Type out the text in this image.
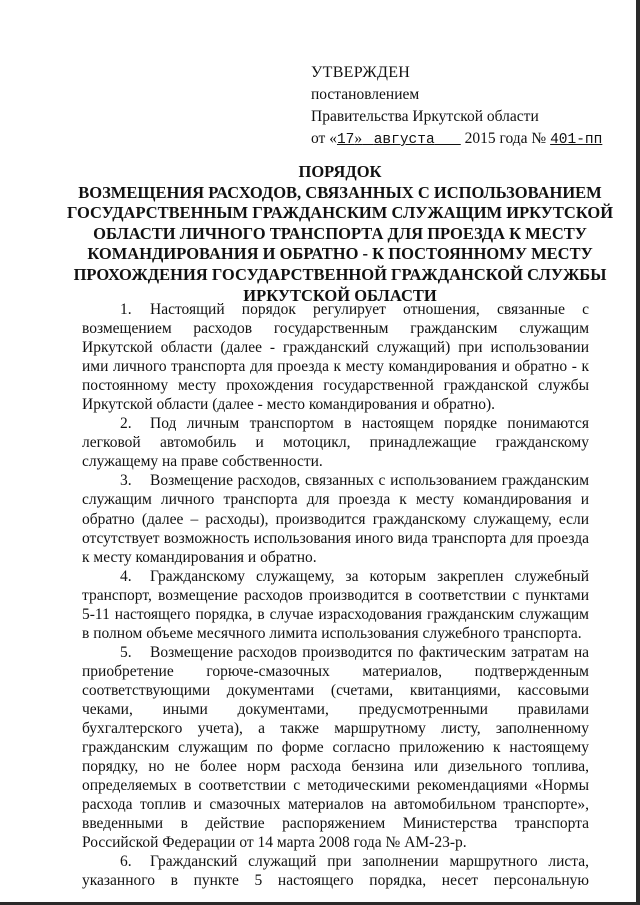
УТВЕРЖДЕН
постановлением
Правительства Иркутской области
от «17» августа 2015 года № 401-пп
ПОРЯДОК
ВОЗМЕЩЕНИЯ РАСХОДОВ, СВЯЗАННЫХ С ИСПОЛЬЗОВАНИЕМ
ГОСУДАРСТВЕННЫМ ГРАЖДАНСКИМ СЛУЖАЩИМ ИРКУТСКОЙ
ОБЛАСТИ ЛИЧНОГО ТРАНСПОРТА ДЛЯ ПРОЕЗДА К МЕСТУ
КОМАНДИРОВАНИЯ И ОБРАТНО - К ПОСТОЯННОМУ МЕСТУ
ПРОХОЖДЕНИЯ ГОСУДАРСТВЕННОЙ ГРАЖДАНСКОЙ СЛУЖБЫ
ИРКУТСКОЙ ОБЛАСТИ

1. Настоящий порядок регулирует отношения, связанные с возмещением расходов государственным гражданским служащим Иркутской области (далее - гражданский служащий) при использовании ими личного транспорта для проезда к месту командирования и обратно - к постоянному месту прохождения государственной гражданской службы Иркутской области (далее - место командирования и обратно).

2. Под личным транспортом в настоящем порядке понимаются легковой автомобиль и мотоцикл, принадлежащие гражданскому служащему на праве собственности.

3. Возмещение расходов, связанных с использованием гражданским служащим личного транспорта для проезда к месту командирования и обратно (далее – расходы), производится гражданскому служащему, если отсутствует возможность использования иного вида транспорта для проезда к месту командирования и обратно.

4. Гражданскому служащему, за которым закреплен служебный транспорт, возмещение расходов производится в соответствии с пунктами 5-11 настоящего порядка, в случае израсходования гражданским служащим в полном объеме месячного лимита использования служебного транспорта.

5. Возмещение расходов производится по фактическим затратам на приобретение горюче-смазочных материалов, подтвержденным соответствующими документами (счетами, квитанциями, кассовыми чеками, иными документами, предусмотренными правилами бухгалтерского учета), а также маршрутному листу, заполненному гражданским служащим по форме согласно приложению к настоящему порядку, но не более норм расхода бензина или дизельного топлива, определяемых в соответствии с методическими рекомендациями «Нормы расхода топлив и смазочных материалов на автомобильном транспорте», введенными в действие распоряжением Министерства транспорта Российской Федерации от 14 марта 2008 года № АМ-23-р.

6. Гражданский служащий при заполнении маршрутного листа, указанного в пункте 5 настоящего порядка, несет персональную
